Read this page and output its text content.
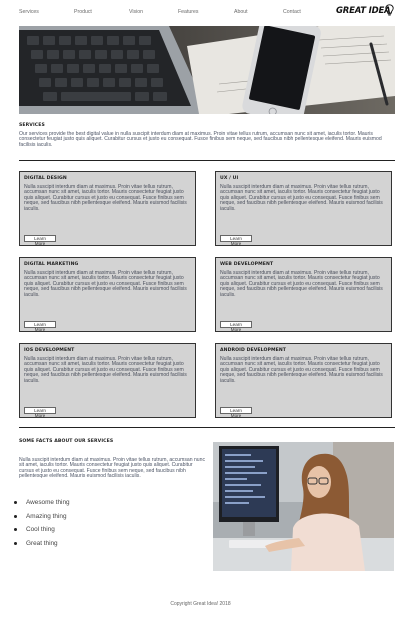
Services	Product	Vision	Features	About	Contact	GREAT IDEA
SERVICES

Our services provide the best digital value in nulla suscipit interdum diam at maximus. Proin vitae tellus rutrum, accumsan nunc sit amet, iaculis tortor. Mauris consectetur feugiat justo quis aliquet. Curabitur cursus et justo eu consequat. Fusce finibus sem neque, sed faucibus nibh pellentesque eleifend. Mauris euismod facilisis iaculis.

DIGITAL DESIGN

Nulla suscipit interdum diam at maximus. Proin vitae tellus rutrum, accumsan nunc sit amet, iaculis tortor. Mauris consectetur feugiat justo quis aliquet. Curabitur cursus et justo eu consequat. Fusce finibus sem neque, sed faucibus nibh pellentesque eleifend. Mauris euismod facilisis iaculis.

Learn
More
UX / UI

Nulla suscipit interdum diam at maximus. Proin vitae tellus rutrum, accumsan nunc sit amet, iaculis tortor. Mauris consectetur feugiat justo quis aliquet. Curabitur cursus et justo eu consequat. Fusce finibus sem neque, sed faucibus nibh pellentesque eleifend. Mauris euismod facilisis iaculis.

Learn
More
DIGITAL MARKETING

Nulla suscipit interdum diam at maximus. Proin vitae tellus rutrum, accumsan nunc sit amet, iaculis tortor. Mauris consectetur feugiat justo quis aliquet. Curabitur cursus et justo eu consequat. Fusce finibus sem neque, sed faucibus nibh pellentesque eleifend. Mauris euismod facilisis iaculis.

Learn
More
WEB DEVELOPMENT

Nulla suscipit interdum diam at maximus. Proin vitae tellus rutrum, accumsan nunc sit amet, iaculis tortor. Mauris consectetur feugiat justo quis aliquet. Curabitur cursus et justo eu consequat. Fusce finibus sem neque, sed faucibus nibh pellentesque eleifend. Mauris euismod facilisis iaculis.

Learn
More
IOS DEVELOPMENT

Nulla suscipit interdum diam at maximus. Proin vitae tellus rutrum, accumsan nunc sit amet, iaculis tortor. Mauris consectetur feugiat justo quis aliquet. Curabitur cursus et justo eu consequat. Fusce finibus sem neque, sed faucibus nibh pellentesque eleifend. Mauris euismod facilisis iaculis.

Learn
More
ANDROID DEVELOPMENT

Nulla suscipit interdum diam at maximus. Proin vitae tellus rutrum, accumsan nunc sit amet, iaculis tortor. Mauris consectetur feugiat justo quis aliquet. Curabitur cursus et justo eu consequat. Fusce finibus sem neque, sed faucibus nibh pellentesque eleifend. Mauris euismod facilisis iaculis.

Learn
More
SOME FACTS ABOUT OUR SERVICES

Nulla suscipit interdum diam at maximus. Proin vitae tellus rutrum, accumsan nunc sit amet, iaculis tortor. Mauris consectetur feugiat justo quis aliquet. Curabitur cursus et justo eu consequat. Fusce finibus sem neque, sed faucibus nibh pellentesque eleifend. Mauris euismod facilisis iaculis.

Awesome thing
Amazing thing
Cool thing
Great thing
Copyright Great Idea! 2018
